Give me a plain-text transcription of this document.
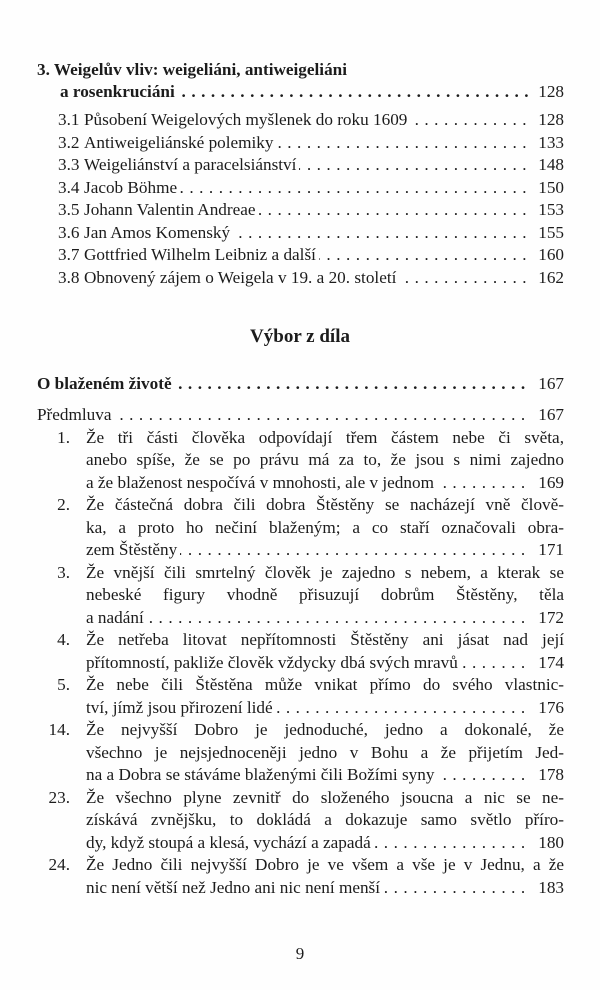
3. Weigelův vliv: weigeliáni, antiweigeliáni
a rosenkruciáni . . .	128
3.1 Působení Weigelových myšlenek do roku 1609 . . .	128
3.2 Antiweigeliánské polemiky . . .	133
3.3 Weigeliánství a paracelsiánství . . .	148
3.4 Jacob Böhme . . .	150
3.5 Johann Valentin Andreae . . .	153
3.6 Jan Amos Komenský . . .	155
3.7 Gottfried Wilhelm Leibniz a další . . .	160
3.8 Obnovený zájem o Weigela v 19. a 20. století . . .	162
Výbor z díla
O blaženém životě . . .	167
Předmluva . . .	167
1. Že tři části člověka odpovídají třem částem nebe či světa,
anebo spíše, že se po právu má za to, že jsou s nimi zajedno
a že blaženost nespočívá v mnohosti, ale v jednom . . .	169
2. Že částečná dobra čili dobra Štěstěny se nacházejí vně člově-
ka, a proto ho nečiní blaženým; a co staří označovali obra-
zem Štěstěny . . .	171
3. Že vnější čili smrtelný člověk je zajedno s nebem, a kterak se
nebeské figury vhodně přisuzují dobrům Štěstěny, těla
a nadání . . .	172
4. Že netřeba litovat nepřítomnosti Štěstěny ani jásat nad její
přítomností, pakliže člověk vždycky dbá svých mravů . . .	174
5. Že nebe čili Štěstěna může vnikat přímo do svého vlastnic-
tví, jímž jsou přirození lidé . . .	176
14. Že nejvyšší Dobro je jednoduché, jedno a dokonalé, že
všechno je nejsjednoceněji jedno v Bohu a že přijetím Jed-
na a Dobra se stáváme blaženými čili Božími syny . . .	178
23. Že všechno plyne zevnitř do složeného jsoucna a nic se ne-
získává zvnějšku, to dokládá a dokazuje samo světlo příro-
dy, když stoupá a klesá, vychází a zapadá . . .	180
24. Že Jedno čili nejvyšší Dobro je ve všem a vše je v Jednu, a že
nic není větší než Jedno ani nic není menší . . .	183
9
